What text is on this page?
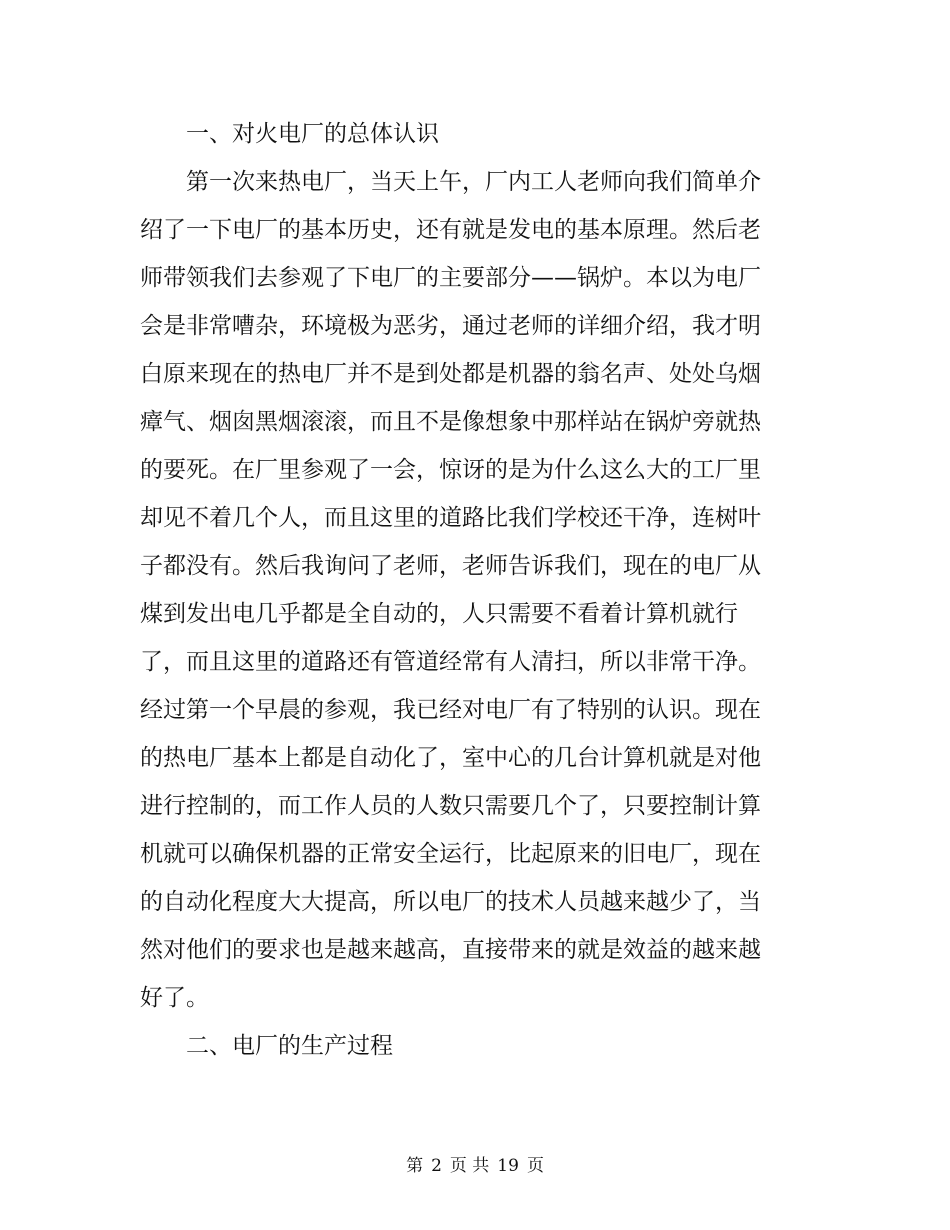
一、对火电厂的总体认识

第一次来热电厂，当天上午，厂内工人老师向我们简单介

绍了一下电厂的基本历史，还有就是发电的基本原理。然后老

师带领我们去参观了下电厂的主要部分——锅炉。本以为电厂

会是非常嘈杂，环境极为恶劣，通过老师的详细介绍，我才明

白原来现在的热电厂并不是到处都是机器的翁名声、处处乌烟

瘴气、烟囱黑烟滚滚，而且不是像想象中那样站在锅炉旁就热

的要死。在厂里参观了一会，惊讶的是为什么这么大的工厂里

却见不着几个人，而且这里的道路比我们学校还干净，连树叶

子都没有。然后我询问了老师，老师告诉我们，现在的电厂从

煤到发出电几乎都是全自动的，人只需要不看着计算机就行

了，而且这里的道路还有管道经常有人清扫，所以非常干净。

经过第一个早晨的参观，我已经对电厂有了特别的认识。现在

的热电厂基本上都是自动化了，室中心的几台计算机就是对他

进行控制的，而工作人员的人数只需要几个了，只要控制计算

机就可以确保机器的正常安全运行，比起原来的旧电厂，现在

的自动化程度大大提高，所以电厂的技术人员越来越少了，当

然对他们的要求也是越来越高，直接带来的就是效益的越来越

好了。

二、电厂的生产过程

第 2 页 共 19 页
